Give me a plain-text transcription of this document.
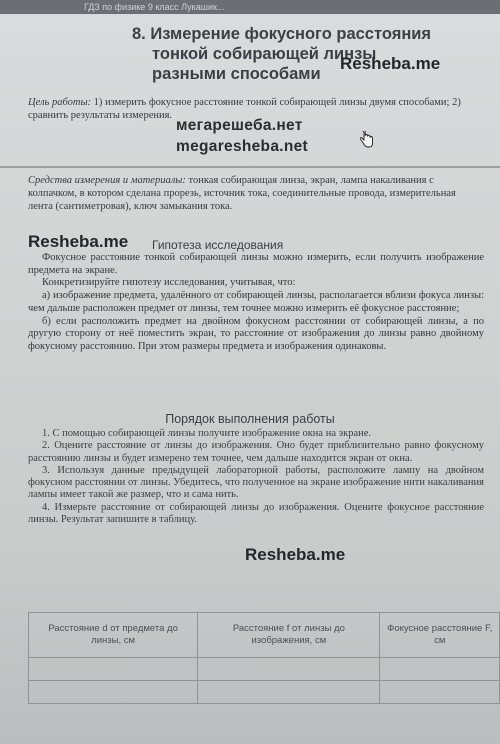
ГДЗ по физике 9 класс Лукашик...
8. Измерение фокусного расстояния
тонкой собирающей линзы
разными способами
Resheba.me

Цель работы: 1) измерить фокусное расстояние тонкой собирающей линзы двумя способами; 2) сравнить результаты измерения.

мегарешеба.нет
megaresheba.net

Средства измерения и материалы: тонкая собирающая линза, экран, лампа накаливания с колпачком, в котором сделана прорезь, источник тока, соединительные провода, измерительная лента (сантиметровая), ключ замыкания тока.

Resheba.me Гипотеза исследования

Фокусное расстояние тонкой собирающей линзы можно измерить, если получить изображение предмета на экране.

Конкретизируйте гипотезу исследования, учитывая, что:

а) изображение предмета, удалённого от собирающей линзы, располагается вблизи фокуса линзы: чем дальше расположен предмет от линзы, тем точнее можно измерить её фокусное расстояние;

б) если расположить предмет на двойном фокусном расстоянии от собирающей линзы, а по другую сторону от неё поместить экран, то расстояние от изображения до линзы равно двойному фокусному расстоянию. При этом размеры предмета и изображения одинаковы.

Порядок выполнения работы

1. С помощью собирающей линзы получите изображение окна на экране.

2. Оцените расстояние от линзы до изображения. Оно будет приблизительно равно фокусному расстоянию линзы и будет измерено тем точнее, чем дальше находится экран от окна.

3. Используя данные предыдущей лабораторной работы, расположите лампу на двойном фокусном расстоянии от линзы. Убедитесь, что полученное на экране изображение нити накаливания лампы имеет такой же размер, что и сама нить.

4. Измерьте расстояние от собирающей линзы до изображения. Оцените фокусное расстояние линзы. Результат запишите в таблицу.

Resheba.me
Расстояние d от предмета до линзы, см	Расстояние f от линзы до изображения, см	Фокусное расстояние F, см
